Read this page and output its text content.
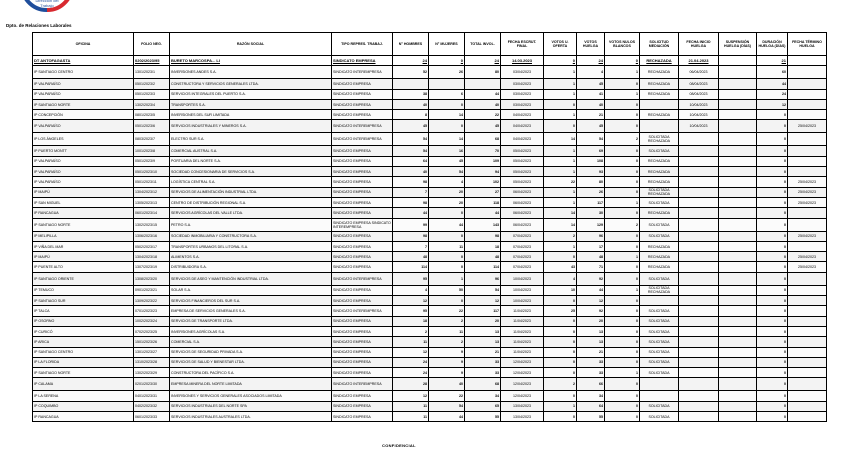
Dirección del
Trabajo
Dpto. de Relaciones Laborales
OFICINA	FOLIO NEG.	RAZÓN SOCIAL	TIPO REPRES. TRABAJ.	N° HOMBRES	N° MUJERES	TOTAL INVOL.	FECHA ESCRUT. FINAL	VOTOS U. OFERTA	VOTOS HUELGA	VOTOS NULOS BLANCOS	SOLICITUD MEDIACIÓN	FECHA INICIO HUELGA	SUSPENSIÓN HUELGA (DÍAS)	DURACIÓN HUELGA (DÍAS)	FECHA TÉRMINO HUELGA
DT ANTOFAGASTA	0202/2023/95	BURETO MARCOSPA... LI	SINDICATO EMPRESA	24	0	24	14.03.2023	0	24	0	RECHAZADA	21.04.2023		21	
IP SANTIAGO CENTRO	1301/2023/1	INVERSIONES ANDES S.A.	SINDICATO INTEREMPRESA	52	26	80	03/04/2023	1	4	1	RECHAZADA	06/04/2023		60	
IP VALPARAÍSO	0501/2023/2	CONSTRUCTORA Y SERVICIOS GENERALES LTDA.	SINDICATO EMPRESA				03/04/2023	1	45	0	RECHAZADA	08/04/2023		44	
IP VALPARAÍSO	0501/2023/3	SERVICIOS INTEGRALES DEL PUERTO S.A.	SINDICATO EMPRESA	38	6	44	03/04/2023	1	41	1	RECHAZADA	08/04/2023		24	
IP SANTIAGO NORTE	1302/2023/4	TRANSPORTES S.A.	SINDICATO EMPRESA	40	0	40	03/04/2023	0	40	0		10/04/2023		12	
IP CONCEPCIÓN	0801/2023/5	INVERSIONES DEL SUR LIMITADA	SINDICATO EMPRESA	8	14	22	04/04/2023	1	21	0	RECHAZADA	10/04/2023		0	
IP VALPARAÍSO	0501/2023/6	SERVICIOS INDUSTRIALES Y MINEROS S.A.	SINDICATO INTEREMPRESA	45	0	45	04/04/2023	0	45	0		10/04/2023		0	25/04/2023
IP LOS ÁNGELES	0803/2023/7	ELECTRO SUR S.A.	SINDICATO INTEREMPRESA	54	14	68	04/04/2023	14	54	2	SOLICITADA RECHAZADA			0	
IP PUERTO MONTT	1001/2023/8	COMERCIAL AUSTRAL S.A.	SINDICATO EMPRESA	54	16	70	05/04/2023	1	69	0	SOLICITADA			0	
IP VALPARAÍSO	0501/2023/9	PORTUARIA DEL NORTE S.A.	SINDICATO EMPRESA	64	45	109	05/04/2023	1	108	0	RECHAZADA			0	
IP VALPARAÍSO	0501/2023/10	SOCIEDAD CONCESIONARIA DE SERVICIOS S.A.	SINDICATO EMPRESA	40	54	94	05/04/2023	1	93	0	RECHAZADA			0	
IP VALPARAÍSO	0501/2023/11	LOGÍSTICA CENTRAL S.A.	SINDICATO EMPRESA	98	4	102	05/04/2023	22	80	0	RECHAZADA			0	25/04/2023
IP MAIPÚ	1304/2023/12	SERVICIOS DE ALIMENTACIÓN INDUSTRIAL LTDA.	SINDICATO EMPRESA	7	20	27	06/04/2023	1	26	0	SOLICITADA RECHAZADA			0	25/04/2023
IP SAN MIGUEL	1305/2023/13	CENTRO DE DISTRIBUCIÓN REGIONAL S.A.	SINDICATO EMPRESA	98	20	118	06/04/2023	1	117	1	SOLICITADA			0	25/04/2023
IP RANCAGUA	0601/2023/14	SERVICIOS AGRÍCOLAS DEL VALLE LTDA.	SINDICATO EMPRESA	44	0	44	06/04/2023	14	30	0	RECHAZADA			0	
IP SANTIAGO NORTE	1302/2023/15	PETRO S.A.	SINDICATO EMPRESA SINDICATO INTEREMPRESA	99	44	143	06/04/2023	14	129	2	SOLICITADA			0	
IP MELIPILLA	1306/2023/16	SOCIEDAD INMOBILIARIA Y CONSTRUCTORA S.A.	SINDICATO EMPRESA	98	0	98	07/04/2023	2	96	0	SOLICITADA			0	25/04/2023
IP VIÑA DEL MAR	0502/2023/17	TRANSPORTES URBANOS DEL LITORAL S.A.	SINDICATO EMPRESA	7	11	18	07/04/2023	1	17	0	RECHAZADA			0	
IP MAIPÚ	1304/2023/18	ALIMENTOS S.A.	SINDICATO EMPRESA	48	0	48	07/04/2023	0	48	1	RECHAZADA			0	25/04/2023
IP PUENTE ALTO	1307/2023/19	DISTRIBUIDORA S.A.	SINDICATO EMPRESA	114	0	114	07/04/2023	43	71	0	RECHAZADA			0	25/04/2023
IP SANTIAGO ORIENTE	1308/2023/20	SERVICIOS DE ASEO Y MANTENCIÓN INDUSTRIAL LTDA.	SINDICATO INTEREMPRESA	95	1	96	10/04/2023	4	92	0	SOLICITADA			0	
IP TEMUCO	0901/2023/21	SOLAR S.A.	SINDICATO EMPRESA	4	50	54	10/04/2023	10	44	1	SOLICITADA RECHAZADA			0	
IP SANTIAGO SUR	1309/2023/22	SERVICIOS FINANCIEROS DEL SUR S.A.	SINDICATO EMPRESA	12	0	12	10/04/2023	0	12	0				0	
IP TALCA	0701/2023/23	EMPRESA DE SERVICIOS GENERALES S.A.	SINDICATO INTEREMPRESA	95	22	117	11/04/2023	25	92	0	SOLICITADA			0	
IP OSORNO	1002/2023/24	SERVICIOS DE TRANSPORTE LTDA.	SINDICATO EMPRESA	18	2	20	11/04/2023	0	20	0	SOLICITADA			0	
IP CURICÓ	0702/2023/25	INVERSIONES AGRÍCOLAS S.A.	SINDICATO EMPRESA	2	11	13	11/04/2023	0	13	0	SOLICITADA			0	
IP ARICA	1501/2023/26	COMERCIAL S.A.	SINDICATO EMPRESA	11	2	13	11/04/2023	0	13	0	SOLICITADA			0	
IP SANTIAGO CENTRO	1301/2023/27	SERVICIOS DE SEGURIDAD PRIVADA S.A.	SINDICATO EMPRESA	12	9	21	11/04/2023	0	21	0	SOLICITADA			0	
IP LA FLORIDA	1310/2023/28	SERVICIOS DE SALUD Y BIENESTAR LTDA.	SINDICATO EMPRESA	24	9	33	12/04/2023	0	33	0	SOLICITADA			0	
IP SANTIAGO NORTE	1302/2023/29	CONSTRUCTORA DEL PACÍFICO S.A.	SINDICATO EMPRESA	24	9	33	12/04/2023	0	33	1	SOLICITADA			0	
IP CALAMA	0201/2023/30	EMPRESA MINERA DEL NORTE LIMITADA	SINDICATO INTEREMPRESA	28	40	68	12/04/2023	2	66	0				0	
IP LA SERENA	0401/2023/31	INVERSIONES Y SERVICIOS GENERALES ASOCIADOS LIMITADA	SINDICATO EMPRESA	12	22	34	12/04/2023	0	34	0				0	
IP COQUIMBO	0402/2023/32	SERVICIOS INDUSTRIALES DEL NORTE SPA	SINDICATO EMPRESA	11	54	65	13/04/2023	1	64	0	SOLICITADA			0	
IP RANCAGUA	0601/2023/33	SERVICIOS INDUSTRIALES AUSTRALES LTDA.	SINDICATO EMPRESA	11	44	55	13/04/2023	0	55	0	SOLICITADA			0	
CONFIDENCIAL
